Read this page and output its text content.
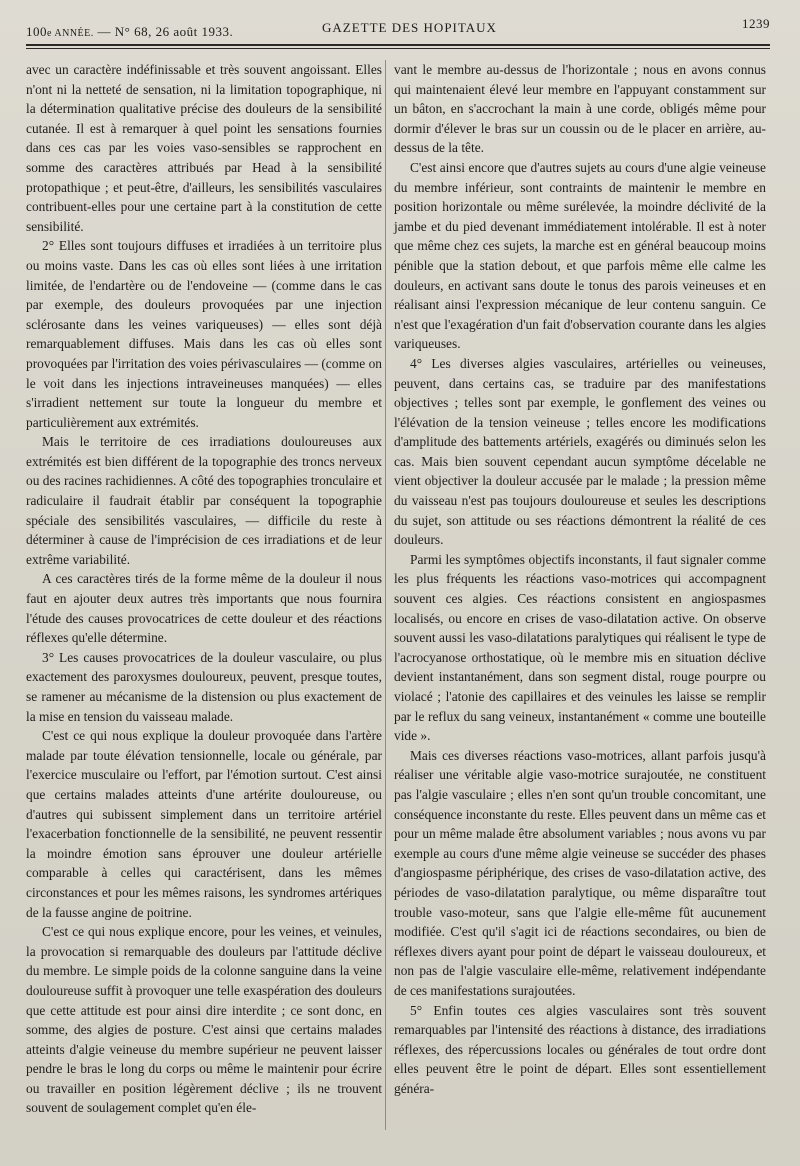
100e ANNÉE. — N° 68, 26 août 1933.	GAZETTE DES HOPITAUX	1239

avec un caractère indéfinissable et très souvent angoissant. Elles n'ont ni la netteté de sensation, ni la limitation topographique, ni la détermination qualitative précise des douleurs de la sensibilité cutanée. Il est à remarquer à quel point les sensations fournies dans ces cas par les voies vaso-sensibles se rapprochent en somme des caractères attribués par Head à la sensibilité protopathique ; et peut-être, d'ailleurs, les sensibilités vasculaires contribuent-elles pour une certaine part à la constitution de cette sensibilité.

2° Elles sont toujours diffuses et irradiées à un territoire plus ou moins vaste. Dans les cas où elles sont liées à une irritation limitée, de l'endartère ou de l'endoveine — (comme dans le cas par exemple, des douleurs provoquées par une injection sclérosante dans les veines variqueuses) — elles sont déjà remarquablement diffuses. Mais dans les cas où elles sont provoquées par l'irritation des voies périvasculaires — (comme on le voit dans les injections intraveineuses manquées) — elles s'irradient nettement sur toute la longueur du membre et particulièrement aux extrémités.

Mais le territoire de ces irradiations douloureuses aux extrémités est bien différent de la topographie des troncs nerveux ou des racines rachidiennes. A côté des topographies tronculaire et radiculaire il faudrait établir par conséquent la topographie spéciale des sensibilités vasculaires, — difficile du reste à déterminer à cause de l'imprécision de ces irradiations et de leur extrême variabilité.

A ces caractères tirés de la forme même de la douleur il nous faut en ajouter deux autres très importants que nous fournira l'étude des causes provocatrices de cette douleur et des réactions réflexes qu'elle détermine.

3° Les causes provocatrices de la douleur vasculaire, ou plus exactement des paroxysmes douloureux, peuvent, presque toutes, se ramener au mécanisme de la distension ou plus exactement de la mise en tension du vaisseau malade.

C'est ce qui nous explique la douleur provoquée dans l'artère malade par toute élévation tensionnelle, locale ou générale, par l'exercice musculaire ou l'effort, par l'émotion surtout. C'est ainsi que certains malades atteints d'une artérite douloureuse, ou d'autres qui subissent simplement dans un territoire artériel l'exacerbation fonctionnelle de la sensibilité, ne peuvent ressentir la moindre émotion sans éprouver une douleur artérielle comparable à celles qui caractérisent, dans les mêmes circonstances et pour les mêmes raisons, les syndromes artériques de la fausse angine de poitrine.

C'est ce qui nous explique encore, pour les veines, et veinules, la provocation si remarquable des douleurs par l'attitude déclive du membre. Le simple poids de la colonne sanguine dans la veine douloureuse suffit à provoquer une telle exaspération des douleurs que cette attitude est pour ainsi dire interdite ; ce sont donc, en somme, des algies de posture. C'est ainsi que certains malades atteints d'algie veineuse du membre supérieur ne peuvent laisser pendre le bras le long du corps ou même le maintenir pour écrire ou travailler en position légèrement déclive ; ils ne trouvent souvent de soulagement complet qu'en éle-

vant le membre au-dessus de l'horizontale ; nous en avons connus qui maintenaient élevé leur membre en l'appuyant constamment sur un bâton, en s'accrochant la main à une corde, obligés même pour dormir d'élever le bras sur un coussin ou de le placer en arrière, au-dessus de la tête.

C'est ainsi encore que d'autres sujets au cours d'une algie veineuse du membre inférieur, sont contraints de maintenir le membre en position horizontale ou même surélevée, la moindre déclivité de la jambe et du pied devenant immédiatement intolérable. Il est à noter que même chez ces sujets, la marche est en général beaucoup moins pénible que la station debout, et que parfois même elle calme les douleurs, en activant sans doute le tonus des parois veineuses et en réalisant ainsi l'expression mécanique de leur contenu sanguin. Ce n'est que l'exagération d'un fait d'observation courante dans les algies variqueuses.

4° Les diverses algies vasculaires, artérielles ou veineuses, peuvent, dans certains cas, se traduire par des manifestations objectives ; telles sont par exemple, le gonflement des veines ou l'élévation de la tension veineuse ; telles encore les modifications d'amplitude des battements artériels, exagérés ou diminués selon les cas. Mais bien souvent cependant aucun symptôme décelable ne vient objectiver la douleur accusée par le malade ; la pression même du vaisseau n'est pas toujours douloureuse et seules les descriptions du sujet, son attitude ou ses réactions démontrent la réalité de ces douleurs.

Parmi les symptômes objectifs inconstants, il faut signaler comme les plus fréquents les réactions vaso-motrices qui accompagnent souvent ces algies. Ces réactions consistent en angiospasmes localisés, ou encore en crises de vaso-dilatation active. On observe souvent aussi les vaso-dilatations paralytiques qui réalisent le type de l'acrocyanose orthostatique, où le membre mis en situation déclive devient instantanément, dans son segment distal, rouge pourpre ou violacé ; l'atonie des capillaires et des veinules les laisse se remplir par le reflux du sang veineux, instantanément « comme une bouteille vide ».

Mais ces diverses réactions vaso-motrices, allant parfois jusqu'à réaliser une véritable algie vaso-motrice surajoutée, ne constituent pas l'algie vasculaire ; elles n'en sont qu'un trouble concomitant, une conséquence inconstante du reste. Elles peuvent dans un même cas et pour un même malade être absolument variables ; nous avons vu par exemple au cours d'une même algie veineuse se succéder des phases d'angiospasme périphérique, des crises de vaso-dilatation active, des périodes de vaso-dilatation paralytique, ou même disparaître tout trouble vaso-moteur, sans que l'algie elle-même fût aucunement modifiée. C'est qu'il s'agit ici de réactions secondaires, ou bien de réflexes divers ayant pour point de départ le vaisseau douloureux, et non pas de l'algie vasculaire elle-même, relativement indépendante de ces manifestations surajoutées.

5° Enfin toutes ces algies vasculaires sont très souvent remarquables par l'intensité des réactions à distance, des irradiations réflexes, des répercussions locales ou générales de tout ordre dont elles peuvent être le point de départ. Elles sont essentiellement généra-
